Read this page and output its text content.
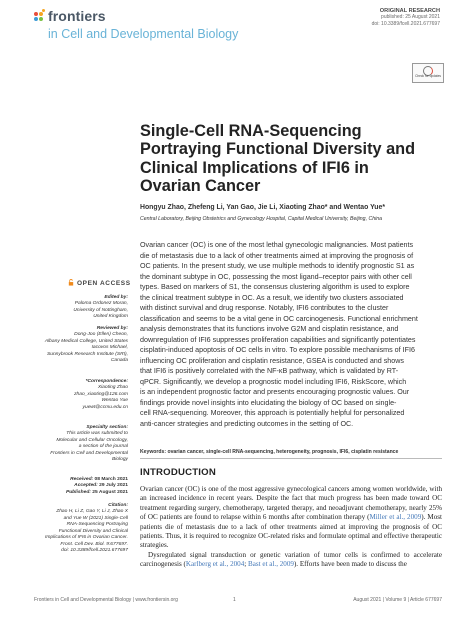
frontiers
in Cell and Developmental Biology
ORIGINAL RESEARCH
published: 25 August 2021
doi: 10.3389/fcell.2021.677697
Check for updates
OPEN ACCESS
Edited by:
Paloma Ordonez Moran,
University of Nottingham,
United Kingdom
Reviewed by:
Dong-Joo (Ellen) Cheon,
Albany Medical College, United States
Iacovos Michael,
Sunnybrook Research Institute (SRI),
Canada
*Correspondence:
Xiaoting Zhao
zhao_xiaoting@126.com
Wentao Yue
yuewt@ccmu.edu.cn
Specialty section:
This article was submitted to
Molecular and Cellular Oncology,
a section of the journal
Frontiers in Cell and Developmental
Biology
Received: 08 March 2021
Accepted: 29 July 2021
Published: 25 August 2021
Citation:
Zhao H, Li Z, Gao Y, Li J, Zhao X
and Yue W (2021) Single-Cell
RNA-Sequencing Portraying
Functional Diversity and Clinical
Implications of IFI6 in Ovarian Cancer.
Front. Cell Dev. Biol. 9:677697.
doi: 10.3389/fcell.2021.677697
Single-Cell RNA-Sequencing
Portraying Functional Diversity and
Clinical Implications of IFI6 in
Ovarian Cancer
Hongyu Zhao, Zhefeng Li, Yan Gao, Jie Li, Xiaoting Zhao* and Wentao Yue*
Central Laboratory, Beijing Obstetrics and Gynecology Hospital, Capital Medical University, Beijing, China
Ovarian cancer (OC) is one of the most lethal gynecologic malignancies. Most patients
die of metastasis due to a lack of other treatments aimed at improving the prognosis of
OC patients. In the present study, we use multiple methods to identify prognostic S1 as
the dominant subtype in OC, possessing the most ligand–receptor pairs with other cell
types. Based on markers of S1, the consensus clustering algorithm is used to explore
the clinical treatment subtype in OC. As a result, we identify two clusters associated
with distinct survival and drug response. Notably, IFI6 contributes to the cluster
classification and seems to be a vital gene in OC carcinogenesis. Functional enrichment
analysis demonstrates that its functions involve G2M and cisplatin resistance, and
downregulation of IFI6 suppresses proliferation capabilities and significantly potentiates
cisplatin-induced apoptosis of OC cells in vitro. To explore possible mechanisms of IFI6
influencing OC proliferation and cisplatin resistance, GSEA is conducted and shows
that IFI6 is positively correlated with the NF-κB pathway, which is validated by RT-
qPCR. Significantly, we develop a prognostic model including IFI6, RiskScore, which
is an independent prognostic factor and presents encouraging prognostic values. Our
findings provide novel insights into elucidating the biology of OC based on single-
cell RNA-sequencing. Moreover, this approach is potentially helpful for personalized
anti-cancer strategies and predicting outcomes in the setting of OC.
Keywords: ovarian cancer, single-cell RNA-sequencing, heterogeneity, prognosis, IFI6, cisplatin resistance
INTRODUCTION

Ovarian cancer (OC) is one of the most aggressive gynecological cancers among women worldwide, with an increased incidence in recent years. Despite the fact that much progress has been made toward OC treatment regarding surgery, chemotherapy, targeted therapy, and neoadjuvant chemotherapy, nearly 25% of OC patients are found to relapse within 6 months after combination therapy (Miller et al., 2009). Most patients die of metastasis due to a lack of other treatments aimed at improving the prognosis of OC patients. Thus, it is required to recognize OC-related risks and formulate optimal and effective therapeutic strategies.

Dysregulated signal transduction or genetic variation of tumor cells is confirmed to accelerate carcinogenesis (Karlberg et al., 2004; Bast et al., 2009). Efforts have been made to discuss the

Frontiers in Cell and Developmental Biology | www.frontiersin.org	1	August 2021 | Volume 9 | Article 677697
